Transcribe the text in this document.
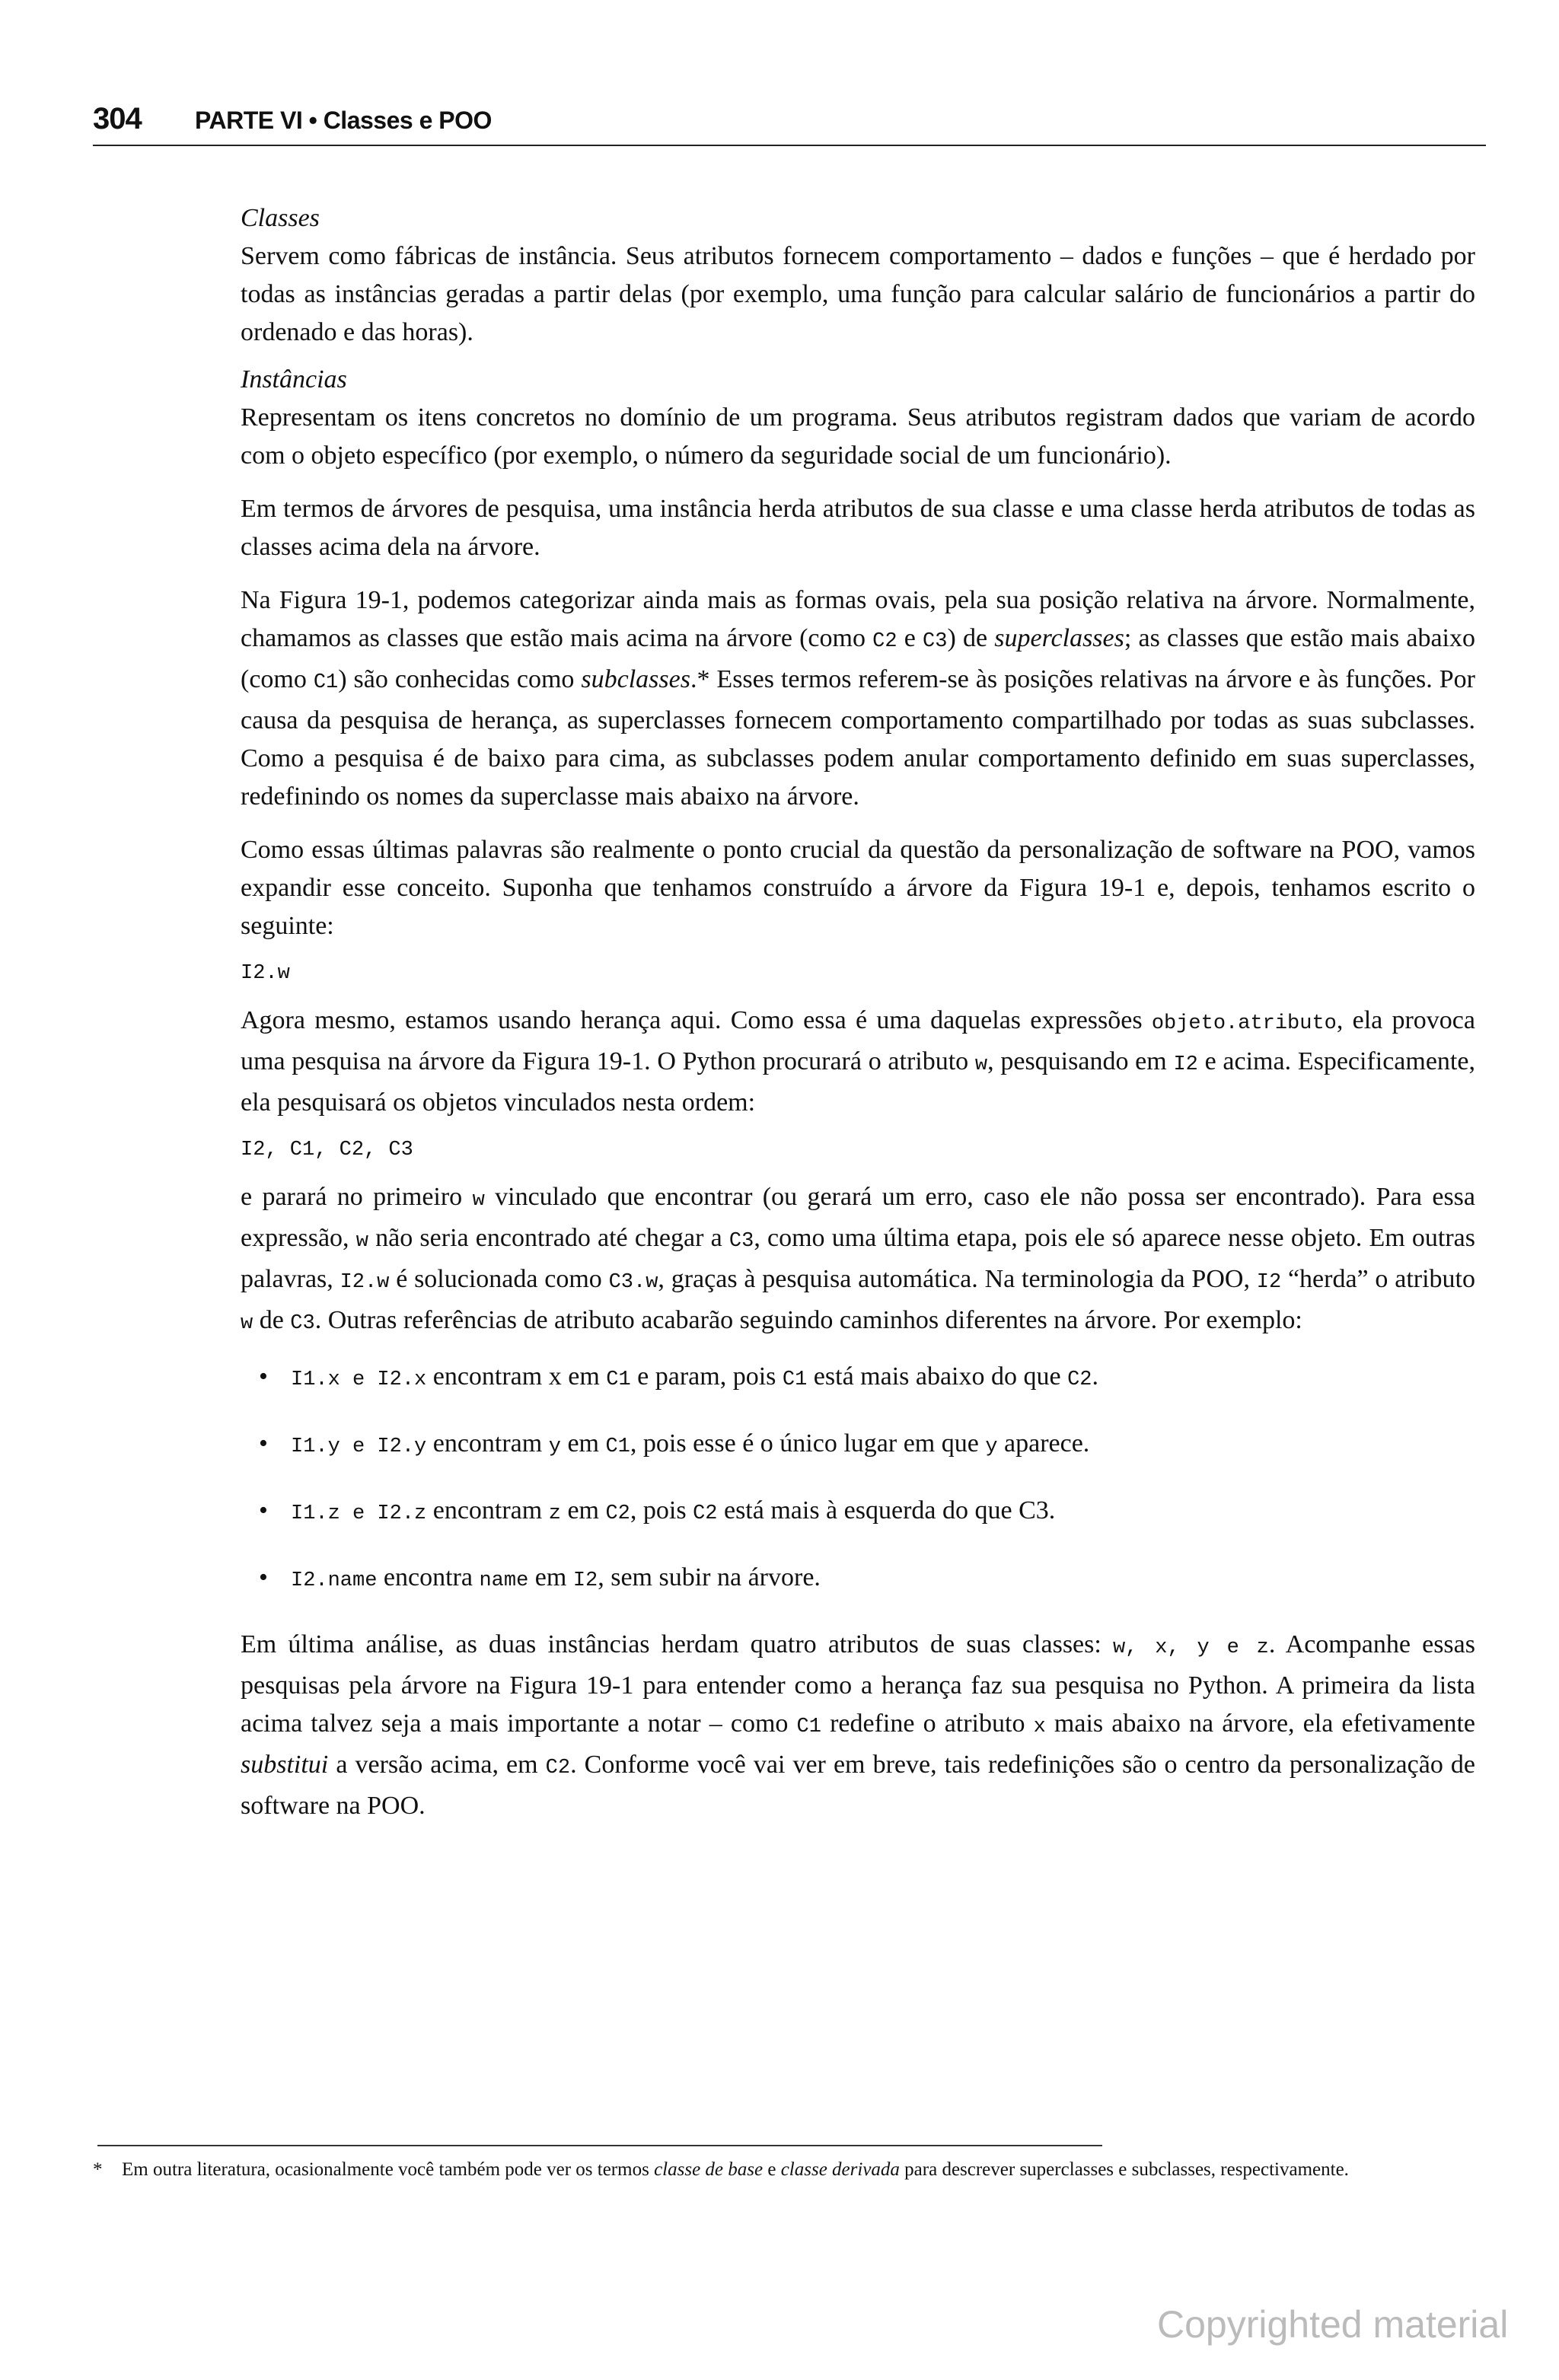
304 PARTE VI • Classes e POO

Classes

Servem como fábricas de instância. Seus atributos fornecem comportamento – dados e funções – que é herdado por todas as instâncias geradas a partir delas (por exemplo, uma função para calcular salário de funcionários a partir do ordenado e das horas).

Instâncias

Representam os itens concretos no domínio de um programa. Seus atributos registram dados que variam de acordo com o objeto específico (por exemplo, o número da seguridade social de um funcionário).

Em termos de árvores de pesquisa, uma instância herda atributos de sua classe e uma classe herda atributos de todas as classes acima dela na árvore.

Na Figura 19-1, podemos categorizar ainda mais as formas ovais, pela sua posição relativa na árvore. Normalmente, chamamos as classes que estão mais acima na árvore (como C2 e C3) de superclasses; as classes que estão mais abaixo (como C1) são conhecidas como subclasses.* Esses termos referem-se às posições relativas na árvore e às funções. Por causa da pesquisa de herança, as superclasses fornecem comportamento compartilhado por todas as suas subclasses. Como a pesquisa é de baixo para cima, as subclasses podem anular comportamento definido em suas superclasses, redefinindo os nomes da superclasse mais abaixo na árvore.

Como essas últimas palavras são realmente o ponto crucial da questão da personalização de software na POO, vamos expandir esse conceito. Suponha que tenhamos construído a árvore da Figura 19-1 e, depois, tenhamos escrito o seguinte:

I2.w

Agora mesmo, estamos usando herança aqui. Como essa é uma daquelas expressões objeto.atributo, ela provoca uma pesquisa na árvore da Figura 19-1. O Python procurará o atributo w, pesquisando em I2 e acima. Especificamente, ela pesquisará os objetos vinculados nesta ordem:

I2, C1, C2, C3

e parará no primeiro w vinculado que encontrar (ou gerará um erro, caso ele não possa ser encontrado). Para essa expressão, w não seria encontrado até chegar a C3, como uma última etapa, pois ele só aparece nesse objeto. Em outras palavras, I2.w é solucionada como C3.w, graças à pesquisa automática. Na terminologia da POO, I2 “herda” o atributo w de C3. Outras referências de atributo acabarão seguindo caminhos diferentes na árvore. Por exemplo:

• I1.x e I2.x encontram x em C1 e param, pois C1 está mais abaixo do que C2.
• I1.y e I2.y encontram y em C1, pois esse é o único lugar em que y aparece.
• I1.z e I2.z encontram z em C2, pois C2 está mais à esquerda do que C3.
• I2.name encontra name em I2, sem subir na árvore.

Em última análise, as duas instâncias herdam quatro atributos de suas classes: w, x, y e z. Acompanhe essas pesquisas pela árvore na Figura 19-1 para entender como a herança faz sua pesquisa no Python. A primeira da lista acima talvez seja a mais importante a notar – como C1 redefine o atributo x mais abaixo na árvore, ela efetivamente substitui a versão acima, em C2. Conforme você vai ver em breve, tais redefinições são o centro da personalização de software na POO.

* Em outra literatura, ocasionalmente você também pode ver os termos classe de base e classe derivada para descrever superclasses e subclasses, respectivamente.
Copyrighted material
